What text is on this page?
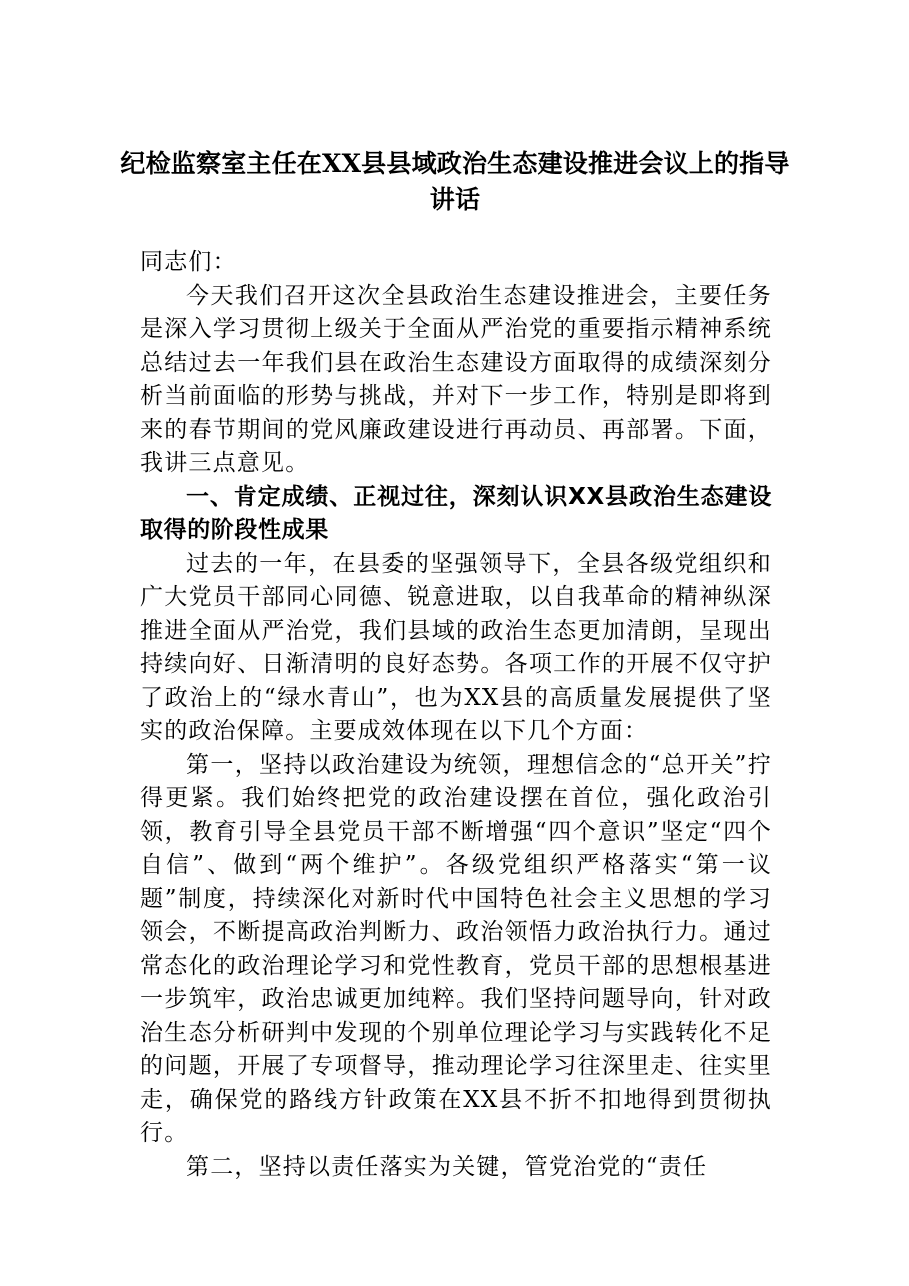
纪检监察室主任在XX县县域政治生态建设推进会议上的指导讲话

同志们：

今天我们召开这次全县政治生态建设推进会，主要任务是深入学习贯彻上级关于全面从严治党的重要指示精神系统总结过去一年我们县在政治生态建设方面取得的成绩深刻分析当前面临的形势与挑战，并对下一步工作，特别是即将到来的春节期间的党风廉政建设进行再动员、再部署。下面，我讲三点意见。

一、肯定成绩、正视过往，深刻认识XX县政治生态建设取得的阶段性成果

过去的一年，在县委的坚强领导下，全县各级党组织和广大党员干部同心同德、锐意进取，以自我革命的精神纵深推进全面从严治党，我们县域的政治生态更加清朗，呈现出持续向好、日渐清明的良好态势。各项工作的开展不仅守护了政治上的“绿水青山”，也为XX县的高质量发展提供了坚实的政治保障。主要成效体现在以下几个方面：

第一，坚持以政治建设为统领，理想信念的“总开关”拧得更紧。我们始终把党的政治建设摆在首位，强化政治引领，教育引导全县党员干部不断增强“四个意识”坚定“四个自信”、做到“两个维护”。各级党组织严格落实“第一议题”制度，持续深化对新时代中国特色社会主义思想的学习领会，不断提高政治判断力、政治领悟力政治执行力。通过常态化的政治理论学习和党性教育，党员干部的思想根基进一步筑牢，政治忠诚更加纯粹。我们坚持问题导向，针对政治生态分析研判中发现的个别单位理论学习与实践转化不足的问题，开展了专项督导，推动理论学习往深里走、往实里走，确保党的路线方针政策在XX县不折不扣地得到贯彻执行。

第二，坚持以责任落实为关键，管党治党的“责任
